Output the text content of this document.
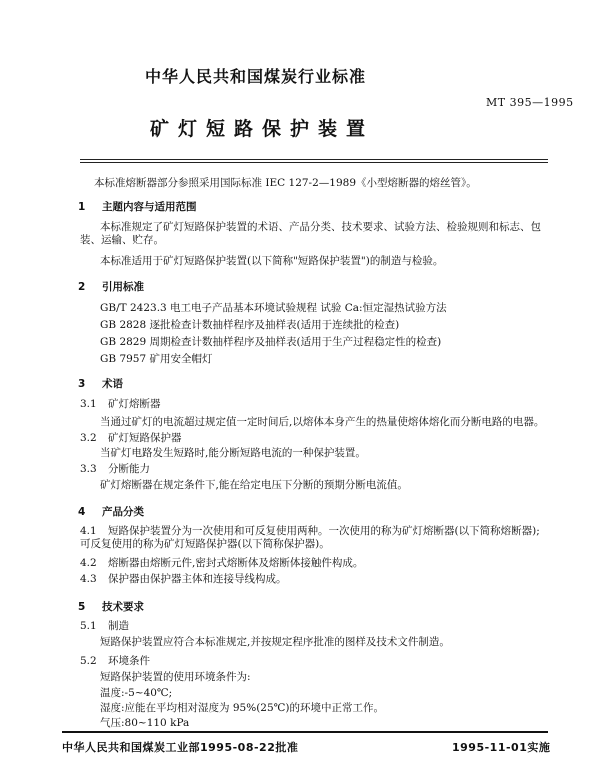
中华人民共和国煤炭行业标准
MT 395—1995
矿灯短路保护装置
本标准熔断器部分参照采用国际标准 IEC 127-2—1989《小型熔断器的熔丝管》。
1 主题内容与适用范围
本标准规定了矿灯短路保护装置的术语、产品分类、技术要求、试验方法、检验规则和标志、包装、运输、贮存。
本标准适用于矿灯短路保护装置(以下简称"短路保护装置")的制造与检验。
2 引用标准
GB/T 2423.3 电工电子产品基本环境试验规程 试验 Ca:恒定湿热试验方法
GB 2828 逐批检查计数抽样程序及抽样表(适用于连续批的检查)
GB 2829 周期检查计数抽样程序及抽样表(适用于生产过程稳定性的检查)
GB 7957 矿用安全帽灯
3 术语
3.1 矿灯熔断器
当通过矿灯的电流超过规定值一定时间后,以熔体本身产生的热量使熔体熔化而分断电路的电器。
3.2 矿灯短路保护器
当矿灯电路发生短路时,能分断短路电流的一种保护装置。
3.3 分断能力
矿灯熔断器在规定条件下,能在给定电压下分断的预期分断电流值。
4 产品分类
4.1 短路保护装置分为一次使用和可反复使用两种。一次使用的称为矿灯熔断器(以下简称熔断器);可反复使用的称为矿灯短路保护器(以下简称保护器)。
4.2 熔断器由熔断元件,密封式熔断体及熔断体接触件构成。
4.3 保护器由保护器主体和连接导线构成。
5 技术要求
5.1 制造
短路保护装置应符合本标准规定,并按规定程序批准的图样及技术文件制造。
5.2 环境条件
短路保护装置的使用环境条件为:
温度:-5~40℃;
湿度:应能在平均相对湿度为 95%(25℃)的环境中正常工作。
气压:80~110 kPa
中华人民共和国煤炭工业部1995-08-22批准	1995-11-01实施
